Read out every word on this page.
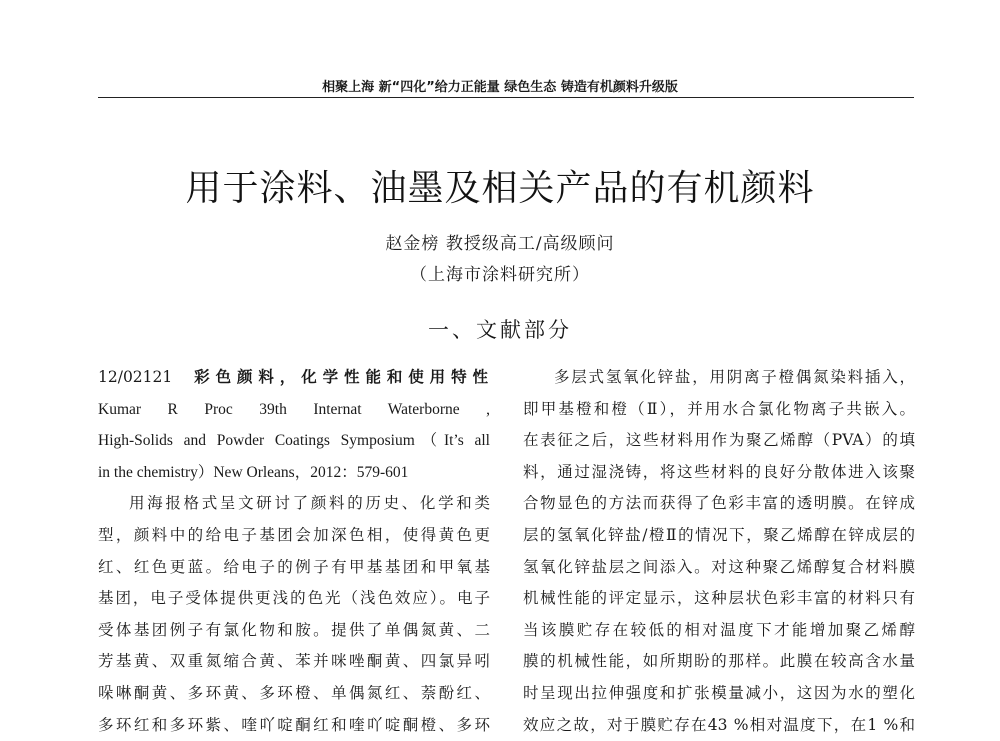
相聚上海 新“四化”给力正能量 绿色生态 铸造有机颜料升级版
用于涂料、油墨及相关产品的有机颜料
赵金榜 教授级高工/高级顾问
（上海市涂料研究所）
一、文献部分
12/02121 彩色颜料，化学性能和使用特性
Kumar R Proc 39th Internat Waterborne ,
High-Solids and Powder Coatings Symposium（It’s all
in the chemistry）New Orleans，2012：579-601
用海报格式呈文研讨了颜料的历史、化学和类
型，颜料中的给电子基团会加深色相，使得黄色更
红、红色更蓝。给电子的例子有甲基基团和甲氧基
基团，电子受体提供更浅的色光（浅色效应）。电子
受体基团例子有氯化物和胺。提供了单偶氮黄、二
芳基黄、双重氮缩合黄、苯并咪唑酮黄、四氯异吲
哚啉酮黄、多环黄、多环橙、单偶氮红、萘酚红、
多环红和多环紫、喹吖啶酮红和喹吖啶酮橙、多环
多层式氢氧化锌盐，用阴离子橙偶氮染料插入，
即甲基橙和橙（Ⅱ），并用水合氯化物离子共嵌入。
在表征之后，这些材料用作为聚乙烯醇（PVA）的填
料，通过湿浇铸，将这些材料的良好分散体进入该聚
合物显色的方法而获得了色彩丰富的透明膜。在锌成
层的氢氧化锌盐/橙Ⅱ的情况下，聚乙烯醇在锌成层的
氢氧化锌盐层之间添入。对这种聚乙烯醇复合材料膜
机械性能的评定显示，这种层状色彩丰富的材料只有
当该膜贮存在较低的相对温度下才能增加聚乙烯醇
膜的机械性能，如所期盼的那样。此膜在较高含水量
时呈现出拉伸强度和扩张模量减小，这因为水的塑化
效应之故，对于膜贮存在43 %相对温度下，在1 %和
